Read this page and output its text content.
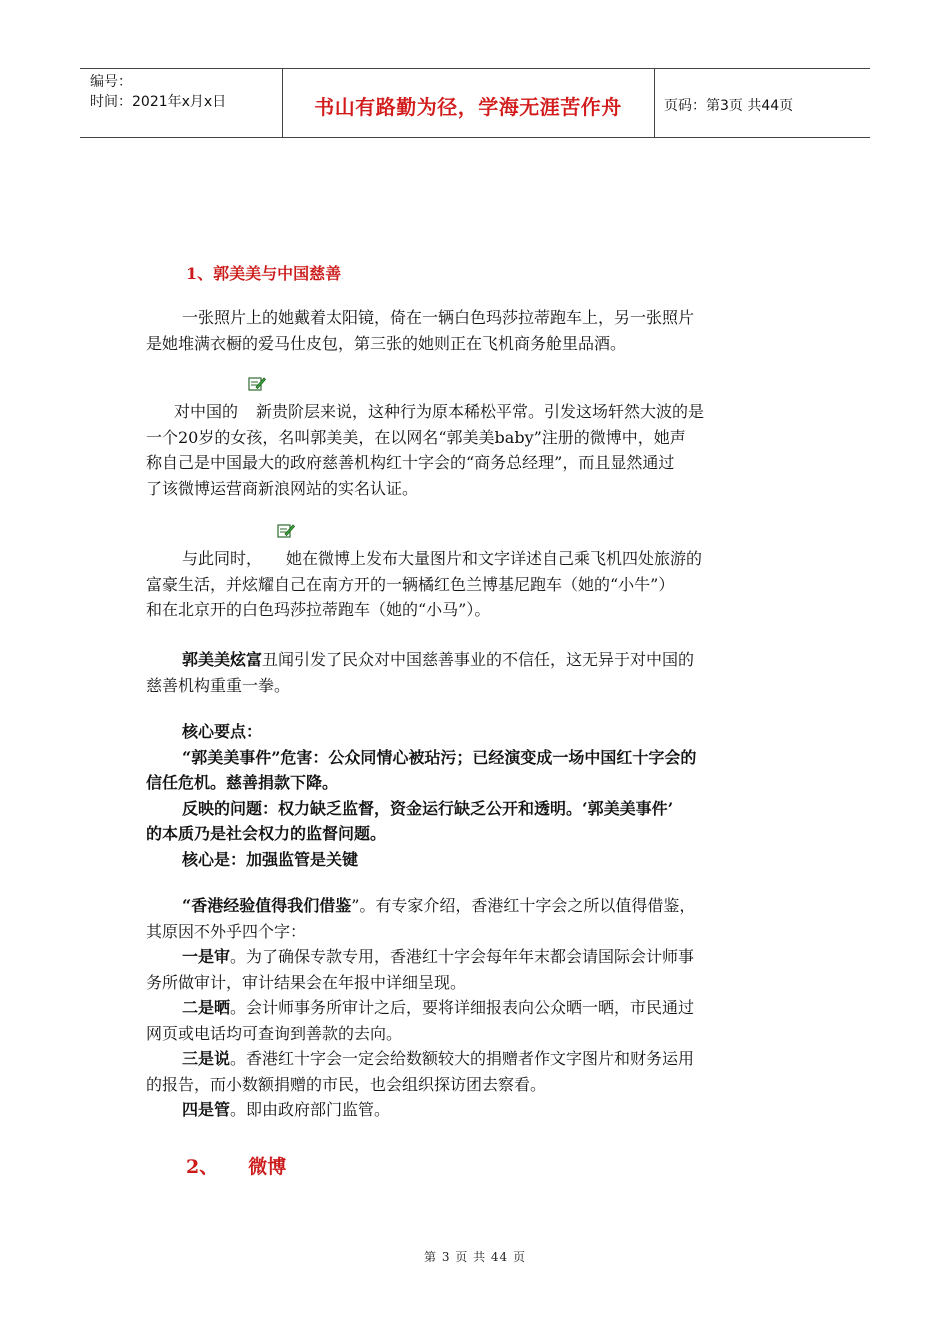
编号：
时间：2021年x月x日	书山有路勤为径，学海无涯苦作舟	页码：第3页 共44页
1、郭美美与中国慈善
一张照片上的她戴着太阳镜，倚在一辆白色玛莎拉蒂跑车上，另一张照片
是她堆满衣橱的爱马仕皮包，第三张的她则正在飞机商务舱里品酒。
对中国的 新贵阶层来说，这种行为原本稀松平常。引发这场轩然大波的是
一个20岁的女孩，名叫郭美美，在以网名“郭美美baby”注册的微博中，她声
称自己是中国最大的政府慈善机构红十字会的“商务总经理”，而且显然通过
了该微博运营商新浪网站的实名认证。
与此同时， 她在微博上发布大量图片和文字详述自己乘飞机四处旅游的
富豪生活，并炫耀自己在南方开的一辆橘红色兰博基尼跑车（她的“小牛”）
和在北京开的白色玛莎拉蒂跑车（她的“小马”）。
郭美美炫富丑闻引发了民众对中国慈善事业的不信任，这无异于对中国的
慈善机构重重一拳。
核心要点：
“郭美美事件”危害：公众同情心被玷污；已经演变成一场中国红十字会的
信任危机。慈善捐款下降。
反映的问题：权力缺乏监督，资金运行缺乏公开和透明。‘郭美美事件’
的本质乃是社会权力的监督问题。
核心是：加强监管是关键
“香港经验值得我们借鉴”。有专家介绍，香港红十字会之所以值得借鉴，
其原因不外乎四个字：
一是审。为了确保专款专用，香港红十字会每年年末都会请国际会计师事
务所做审计，审计结果会在年报中详细呈现。
二是晒。会计师事务所审计之后，要将详细报表向公众晒一晒，市民通过
网页或电话均可查询到善款的去向。
三是说。香港红十字会一定会给数额较大的捐赠者作文字图片和财务运用
的报告，而小数额捐赠的市民，也会组织探访团去察看。
四是管。即由政府部门监管。
2、 微博
第 3 页 共 44 页
